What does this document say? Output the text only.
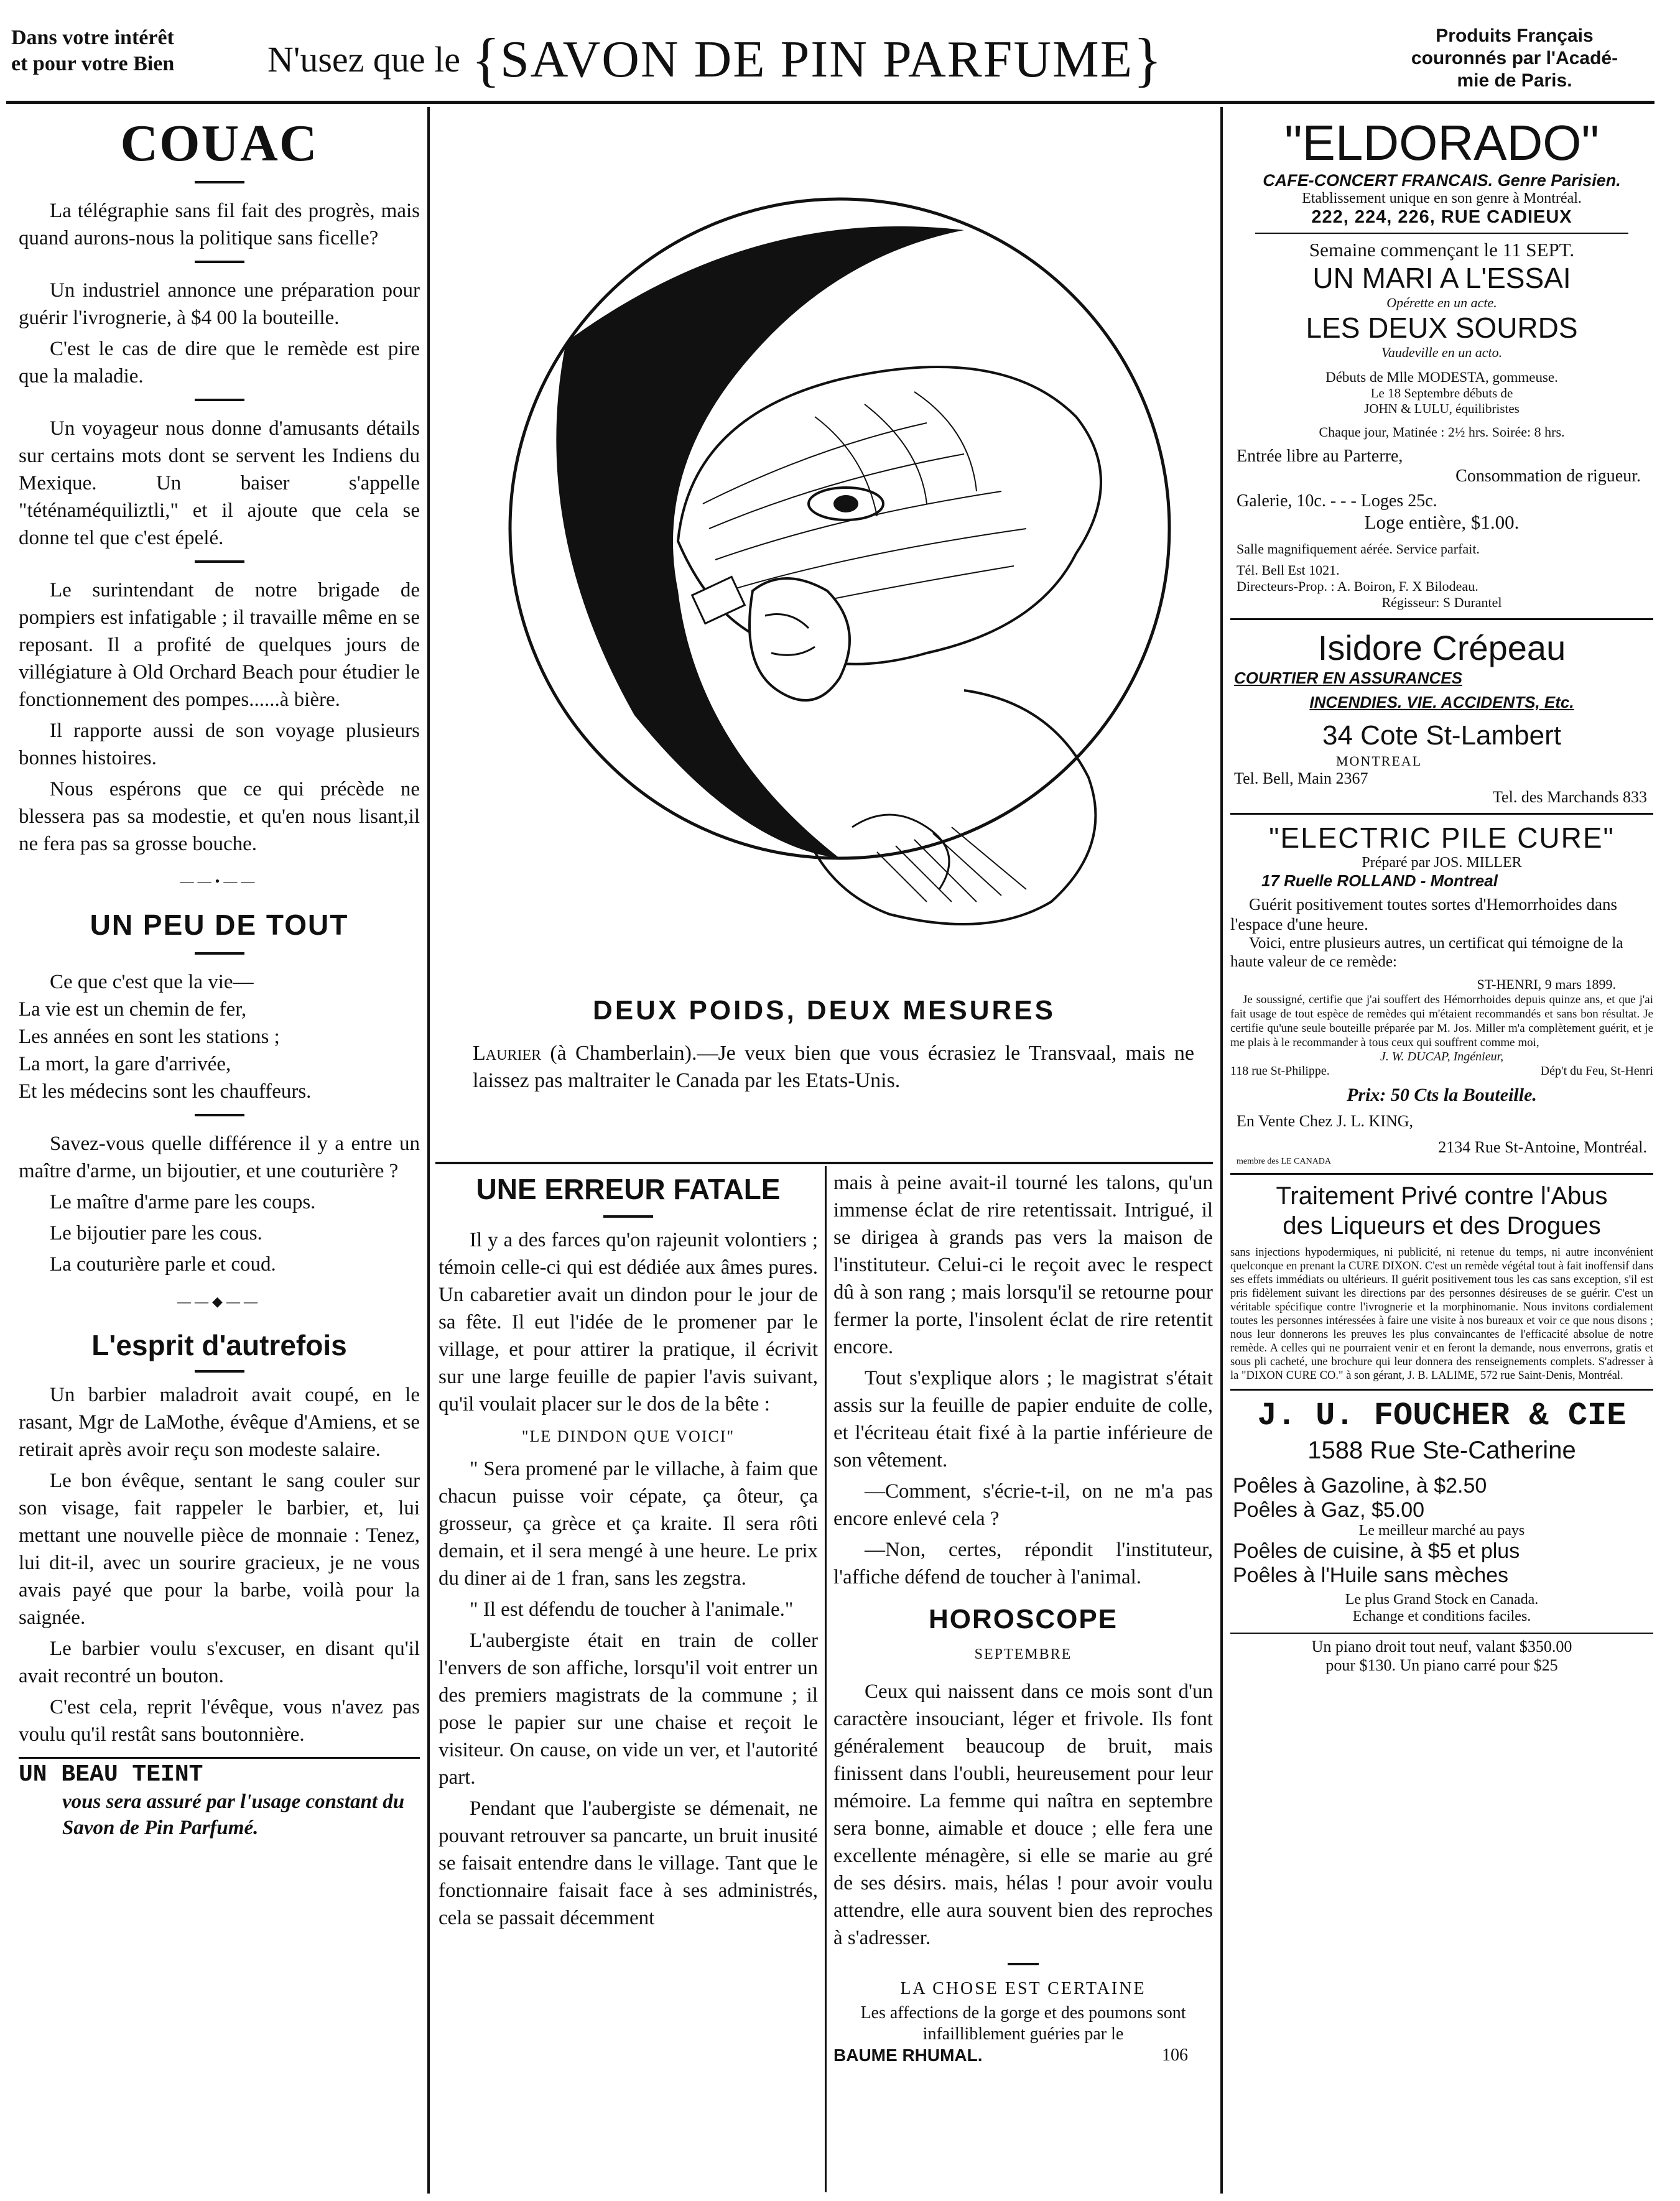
Dans votre intérêt
et pour votre Bien	N'usez que le {SAVON DE PIN PARFUME}	Produits Français
couronnés par l'Acadé-
mie de Paris.
COUAC

La télégraphie sans fil fait des progrès, mais quand aurons-nous la politique sans ficelle?

Un industriel annonce une préparation pour guérir l'ivrognerie, à $4 00 la bouteille.

C'est le cas de dire que le remède est pire que la maladie.

Un voyageur nous donne d'amusants détails sur certains mots dont se servent les Indiens du Mexique. Un baiser s'appelle "téténaméquiliztli," et il ajoute que cela se donne tel que c'est épelé.

Le surintendant de notre brigade de pompiers est infatigable ; il travaille même en se reposant. Il a profité de quelques jours de villégiature à Old Orchard Beach pour étudier le fonctionnement des pompes......à bière.

Il rapporte aussi de son voyage plusieurs bonnes histoires.

Nous espérons que ce qui précède ne blessera pas sa modestie, et qu'en nous lisant,il ne fera pas sa grosse bouche.

——•——
UN PEU DE TOUT

Ce que c'est que la vie—

La vie est un chemin de fer,

Les années en sont les stations ;

La mort, la gare d'arrivée,

Et les médecins sont les chauffeurs.

Savez-vous quelle différence il y a entre un maître d'arme, un bijoutier, et une couturière ?

Le maître d'arme pare les coups.

Le bijoutier pare les cous.

La couturière parle et coud.

——◆——
L'esprit d'autrefois

Un barbier maladroit avait coupé, en le rasant, Mgr de LaMothe, évêque d'Amiens, et se retirait après avoir reçu son modeste salaire.

Le bon évêque, sentant le sang couler sur son visage, fait rappeler le barbier, et, lui mettant une nouvelle pièce de monnaie : Tenez, lui dit-il, avec un sourire gracieux, je ne vous avais payé que pour la barbe, voilà pour la saignée.

Le barbier voulu s'excuser, en disant qu'il avait recontré un bouton.

C'est cela, reprit l'évêque, vous n'avez pas voulu qu'il restât sans boutonnière.

UN BEAU TEINT
vous sera assuré par l'usage constant du Savon de Pin Parfumé.
DEUX POIDS, DEUX MESURES
Laurier (à Chamberlain).—Je veux bien que vous écrasiez le Transvaal, mais ne laissez pas maltraiter le Canada par les Etats-Unis.
UNE ERREUR FATALE

Il y a des farces qu'on rajeunit volontiers ; témoin celle-ci qui est dédiée aux âmes pures. Un cabaretier avait un dindon pour le jour de sa fête. Il eut l'idée de le promener par le village, et pour attirer la pratique, il écrivit sur une large feuille de papier l'avis suivant, qu'il voulait placer sur le dos de la bête :

"LE DINDON QUE VOICI"

" Sera promené par le villache, à faim que chacun puisse voir cépate, ça ôteur, ça grosseur, ça grèce et ça kraite. Il sera rôti demain, et il sera mengé à une heure. Le prix du diner ai de 1 fran, sans les zegstra.

" Il est défendu de toucher à l'animale."

L'aubergiste était en train de coller l'envers de son affiche, lorsqu'il voit entrer un des premiers magistrats de la commune ; il pose le papier sur une chaise et reçoit le visiteur. On cause, on vide un ver, et l'autorité part.

Pendant que l'aubergiste se démenait, ne pouvant retrouver sa pancarte, un bruit inusité se faisait entendre dans le village. Tant que le fonctionnaire faisait face à ses administrés, cela se passait décemment

mais à peine avait-il tourné les talons, qu'un immense éclat de rire retentissait. Intrigué, il se dirigea à grands pas vers la maison de l'instituteur. Celui-ci le reçoit avec le respect dû à son rang ; mais lorsqu'il se retourne pour fermer la porte, l'insolent éclat de rire retentit encore.

Tout s'explique alors ; le magistrat s'était assis sur la feuille de papier enduite de colle, et l'écriteau était fixé à la partie inférieure de son vêtement.

—Comment, s'écrie-t-il, on ne m'a pas encore enlevé cela ?

—Non, certes, répondit l'instituteur, l'affiche défend de toucher à l'animal.

HOROSCOPE
SEPTEMBRE

Ceux qui naissent dans ce mois sont d'un caractère insouciant, léger et frivole. Ils font généralement beaucoup de bruit, mais finissent dans l'oubli, heureusement pour leur mémoire. La femme qui naîtra en septembre sera bonne, aimable et douce ; elle fera une excellente ménagère, si elle se marie au gré de ses désirs. mais, hélas ! pour avoir voulu attendre, elle aura souvent bien des reproches à s'adresser.

LA CHOSE EST CERTAINE
Les affections de la gorge et des poumons sont infailliblement guéries par le
BAUME RHUMAL.	106
"ELDORADO"
CAFE-CONCERT FRANCAIS. Genre Parisien.
Etablissement unique en son genre à Montréal.
222, 224, 226, RUE CADIEUX
Semaine commençant le 11 SEPT.
UN MARI A L'ESSAI
Opérette en un acte.
LES DEUX SOURDS
Vaudeville en un acto.
Débuts de Mlle MODESTA, gommeuse.
Le 18 Septembre débuts de
JOHN & LULU, équilibristes
Chaque jour, Matinée : 2½ hrs. Soirée: 8 hrs.
Entrée libre au Parterre,
Consommation de rigueur.
Galerie, 10c. - - - Loges 25c.
Loge entière, $1.00.
Salle magnifiquement aérée. Service parfait.
Tél. Bell Est 1021.
Directeurs-Prop. : A. Boiron, F. X Bilodeau.
Régisseur: S Durantel
Isidore Crépeau
COURTIER EN ASSURANCES
INCENDIES. VIE. ACCIDENTS, Etc.
34 Cote St-Lambert
MONTREAL
Tel. Bell, Main 2367
Tel. des Marchands 833
"ELECTRIC PILE CURE"
Préparé par JOS. MILLER
17 Ruelle ROLLAND - Montreal
Guérit positivement toutes sortes d'Hemorrhoides dans l'espace d'une heure.
Voici, entre plusieurs autres, un certificat qui témoigne de la haute valeur de ce remède:
ST-HENRI, 9 mars 1899.
Je soussigné, certifie que j'ai souffert des Hémorrhoides depuis quinze ans, et que j'ai fait usage de tout espèce de remèdes qui m'étaient recommandés et sans bon résultat. Je certifie qu'une seule bouteille préparée par M. Jos. Miller m'a complètement guérit, et je me plais à le recommander à tous ceux qui souffrent comme moi,
J. W. DUCAP, Ingénieur,
118 rue St-Philippe.	Dép't du Feu, St-Henri
Prix: 50 Cts la Bouteille.
En Vente Chez J. L. KING,
2134 Rue St-Antoine, Montréal.
membre des LE CANADA
Traitement Privé contre l'Abus
des Liqueurs et des Drogues
sans injections hypodermiques, ni publicité, ni retenue du temps, ni autre inconvénient quelconque en prenant la CURE DIXON. C'est un remède végétal tout à fait inoffensif dans ses effets immédiats ou ultérieurs. Il guérit positivement tous les cas sans exception, s'il est pris fidèlement suivant les directions par des personnes désireuses de se guérir. C'est un véritable spécifique contre l'ivrognerie et la morphinomanie. Nous invitons cordialement toutes les personnes intéressées à faire une visite à nos bureaux et voir ce que nous disons ; nous leur donnerons les preuves les plus convaincantes de l'efficacité absolue de notre remède. A celles qui ne pourraient venir et en feront la demande, nous enverrons, gratis et sous pli cacheté, une brochure qui leur donnera des renseignements complets. S'adresser à la "DIXON CURE CO." à son gérant, J. B. LALIME, 572 rue Saint-Denis, Montréal.
J. U. FOUCHER & CIE
1588 Rue Ste-Catherine
Poêles à Gazoline, à $2.50
Poêles à Gaz, $5.00
Le meilleur marché au pays
Poêles de cuisine, à $5 et plus
Poêles à l'Huile sans mèches
Le plus Grand Stock en Canada.
Echange et conditions faciles.
Un piano droit tout neuf, valant $350.00
pour $130. Un piano carré pour $25
